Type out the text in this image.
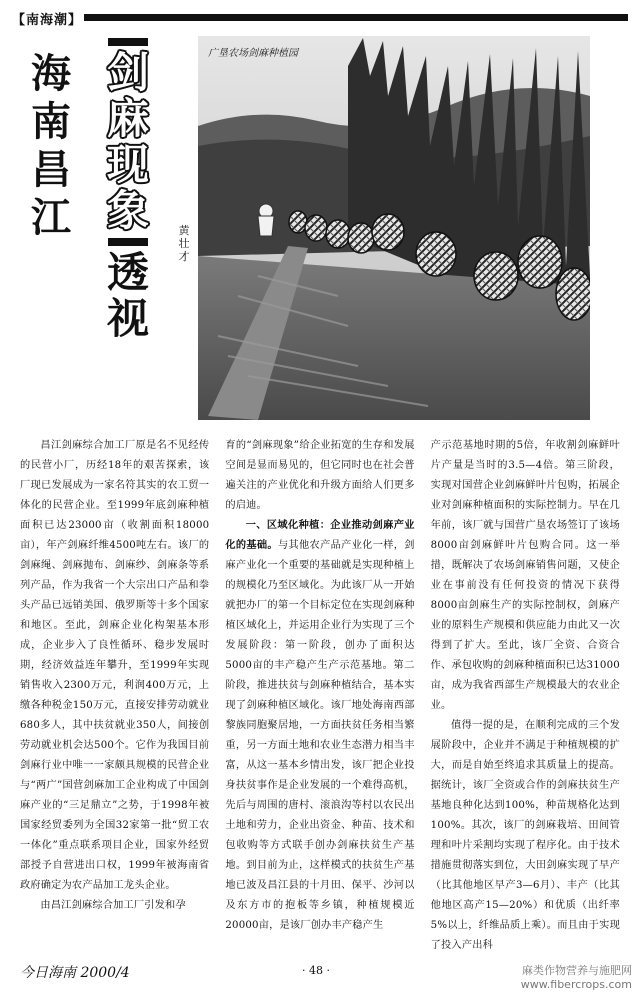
【南海潮】
海
南
昌
江
剑
麻
现
象
透
视
黄
壮
才
广垦农场剑麻种植园

昌江剑麻综合加工厂原是名不见经传的民营小厂，历经18年的艰苦探索，该厂现已发展成为一家名符其实的农工贸一体化的民营企业。至1999年底剑麻种植面积已达23000亩（收割面积18000亩），年产剑麻纤维4500吨左右。该厂的剑麻绳、剑麻抛布、剑麻纱、剑麻条等系列产品，作为我省一个大宗出口产品和拳头产品已远销美国、俄罗斯等十多个国家和地区。至此，剑麻企业化构架基本形成，企业步入了良性循环、稳步发展时期，经济效益连年攀升，至1999年实现销售收入2300万元，利润400万元，上缴各种税金150万元，直接安排劳动就业680多人，其中扶贫就业350人，间接创劳动就业机会达500个。它作为我国目前剑麻行业中唯一一家颇具规模的民营企业与“两广”国营剑麻加工企业构成了中国剑麻产业的“三足鼎立”之势，于1998年被国家经贸委列为全国32家第一批“贸工农一体化”重点联系项目企业，国家外经贸部授予自营进出口权，1999年被海南省政府确定为农产品加工龙头企业。

由昌江剑麻综合加工厂引发和孕

育的“剑麻现象”给企业拓宽的生存和发展空间是显而易见的，但它同时也在社会普遍关注的产业优化和升级方面给人们更多的启迪。

一、区域化种植：企业推动剑麻产业化的基础。与其他农产品产业化一样，剑麻产业化一个重要的基础就是实现种植上的规模化乃至区域化。为此该厂从一开始就把办厂的第一个目标定位在实现剑麻种植区域化上，并运用企业行为实现了三个发展阶段：第一阶段，创办了面积达5000亩的丰产稳产生产示范基地。第二阶段，推进扶贫与剑麻种植结合，基本实现了剑麻种植区域化。该厂地处海南西部黎族同胞聚居地，一方面扶贫任务相当繁重，另一方面土地和农业生态潜力相当丰富，从这一基本乡情出发，该厂把企业投身扶贫事作是企业发展的一个难得高机，先后与周围的唐村、滚浪沟等村以农民出土地和劳力，企业出资金、种苗、技术和包收购等方式联手创办剑麻扶贫生产基地。到目前为止，这样模式的扶贫生产基地已波及昌江县的十月田、保平、沙河以及东方市的抱板等乡镇，种植规模近20000亩，是该厂创办丰产稳产生

产示范基地时期的5倍，年收割剑麻鲜叶片产量是当时的3.5—4倍。第三阶段，实现对国营企业剑麻鲜叶片包购，拓展企业对剑麻种植面积的实际控制力。早在几年前，该厂就与国营广垦农场签订了该场8000亩剑麻鲜叶片包购合同。这一举措，既解决了农场剑麻销售问题，又使企业在事前没有任何投资的情况下获得8000亩剑麻生产的实际控制权，剑麻产业的原料生产规模和供应能力由此又一次得到了扩大。至此，该厂全资、合资合作、承包收购的剑麻种植面积已达31000亩，成为我省西部生产规模最大的农业企业。

值得一提的是，在顺利完成的三个发展阶段中，企业并不满足于种植规模的扩大，而是自始至终追求其质量上的提高。据统计，该厂全资或合作的剑麻扶贫生产基地良种化达到100%，种苗规格化达到100%。其次，该厂的剑麻栽培、田间管理和叶片采割均实现了程序化。由于技术措施贯彻落实到位，大田剑麻实现了早产（比其他地区早产3—6月）、丰产（比其他地区高产15—20%）和优质（出纤率5%以上，纤维品质上乘）。而且由于实现了投入产出科

今日海南 2000/4	· 48 ·	麻类作物营养与施肥网
www.fibercrops.com
